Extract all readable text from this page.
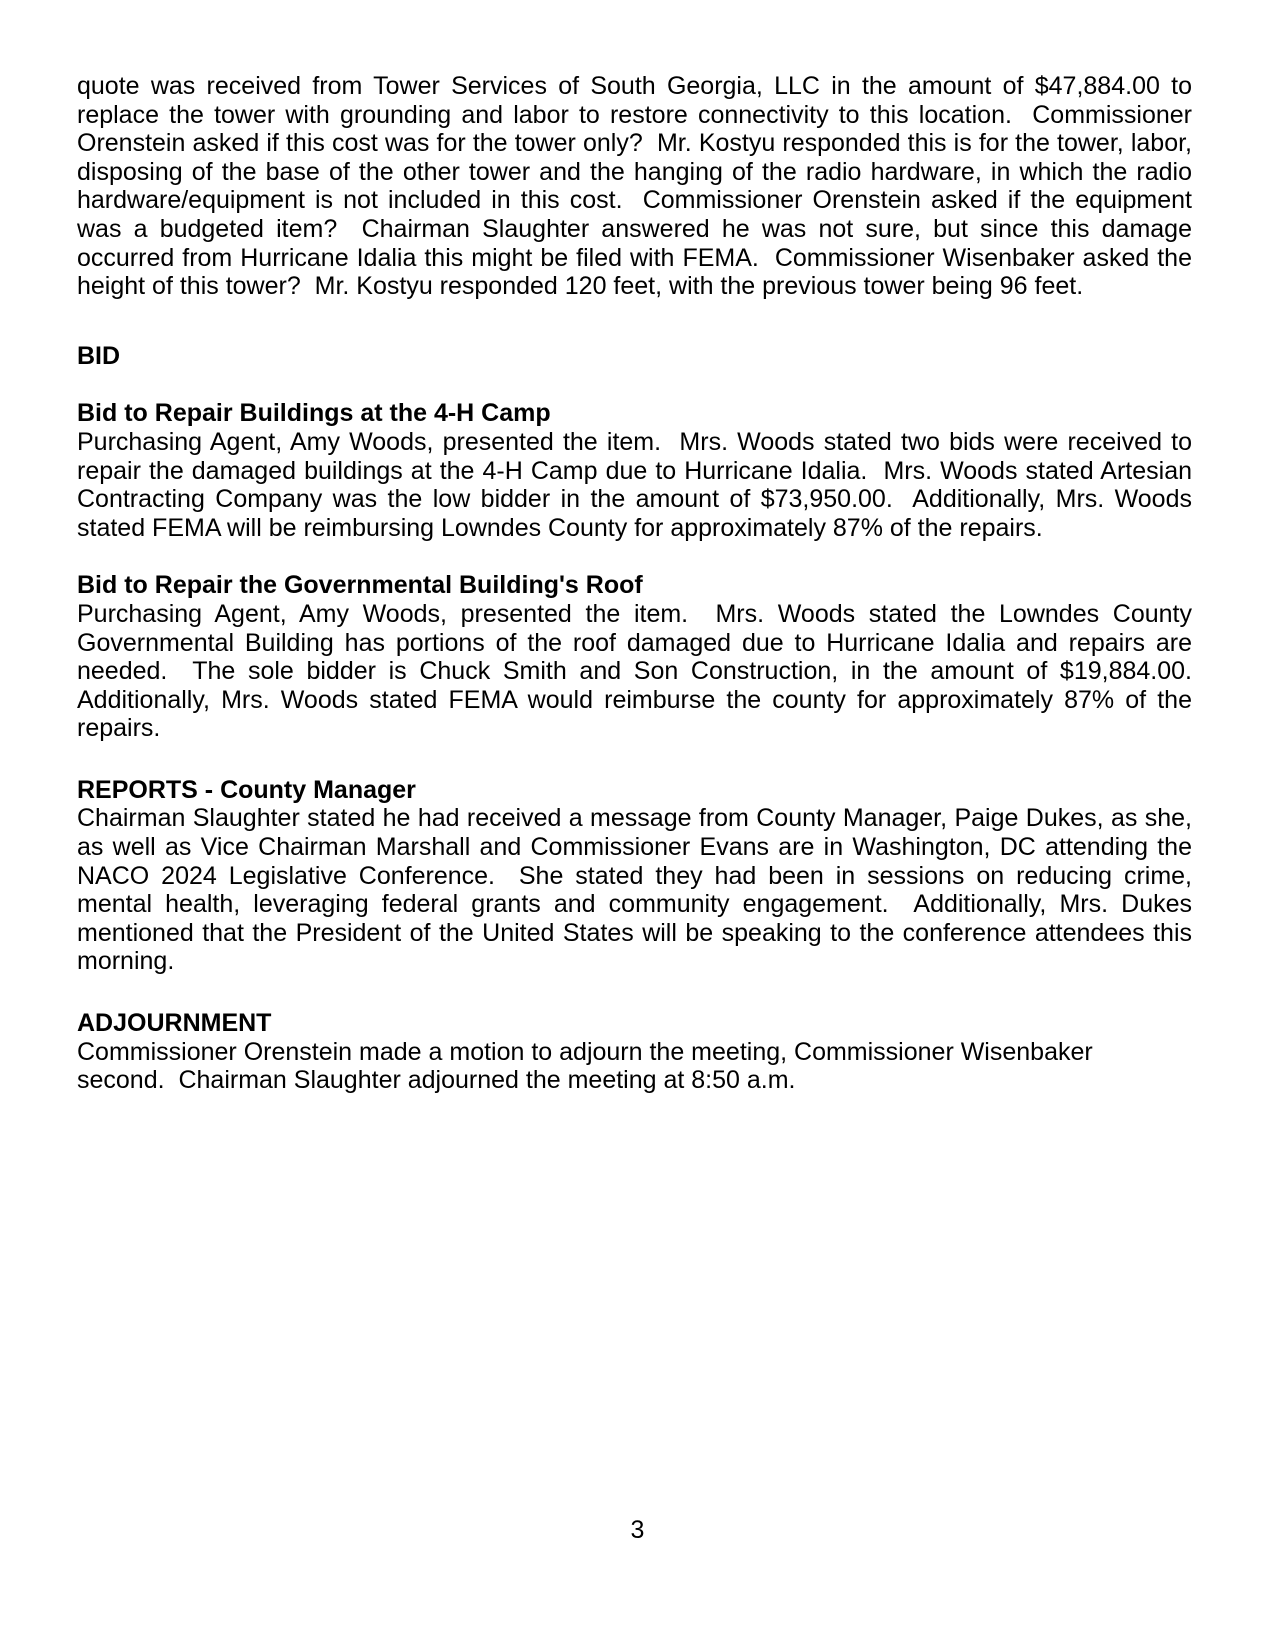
quote was received from Tower Services of South Georgia, LLC in the amount of $47,884.00 to replace the tower with grounding and labor to restore connectivity to this location.  Commissioner Orenstein asked if this cost was for the tower only?  Mr. Kostyu responded this is for the tower, labor, disposing of the base of the other tower and the hanging of the radio hardware, in which the radio hardware/equipment is not included in this cost.  Commissioner Orenstein asked if the equipment was a budgeted item?  Chairman Slaughter answered he was not sure, but since this damage occurred from Hurricane Idalia this might be filed with FEMA.  Commissioner Wisenbaker asked the height of this tower?  Mr. Kostyu responded 120 feet, with the previous tower being 96 feet.

BID

Bid to Repair Buildings at the 4-H Camp

Purchasing Agent, Amy Woods, presented the item.  Mrs. Woods stated two bids were received to repair the damaged buildings at the 4-H Camp due to Hurricane Idalia.  Mrs. Woods stated Artesian Contracting Company was the low bidder in the amount of $73,950.00.  Additionally, Mrs. Woods stated FEMA will be reimbursing Lowndes County for approximately 87% of the repairs.

Bid to Repair the Governmental Building's Roof

Purchasing Agent, Amy Woods, presented the item.  Mrs. Woods stated the Lowndes County Governmental Building has portions of the roof damaged due to Hurricane Idalia and repairs are needed.  The sole bidder is Chuck Smith and Son Construction, in the amount of $19,884.00.  Additionally, Mrs. Woods stated FEMA would reimburse the county for approximately 87% of the repairs.

REPORTS - County Manager

Chairman Slaughter stated he had received a message from County Manager, Paige Dukes, as she, as well as Vice Chairman Marshall and Commissioner Evans are in Washington, DC attending the NACO 2024 Legislative Conference.  She stated they had been in sessions on reducing crime, mental health, leveraging federal grants and community engagement.  Additionally, Mrs. Dukes mentioned that the President of the United States will be speaking to the conference attendees this morning.

ADJOURNMENT

Commissioner Orenstein made a motion to adjourn the meeting, Commissioner Wisenbaker second.  Chairman Slaughter adjourned the meeting at 8:50 a.m.

3
